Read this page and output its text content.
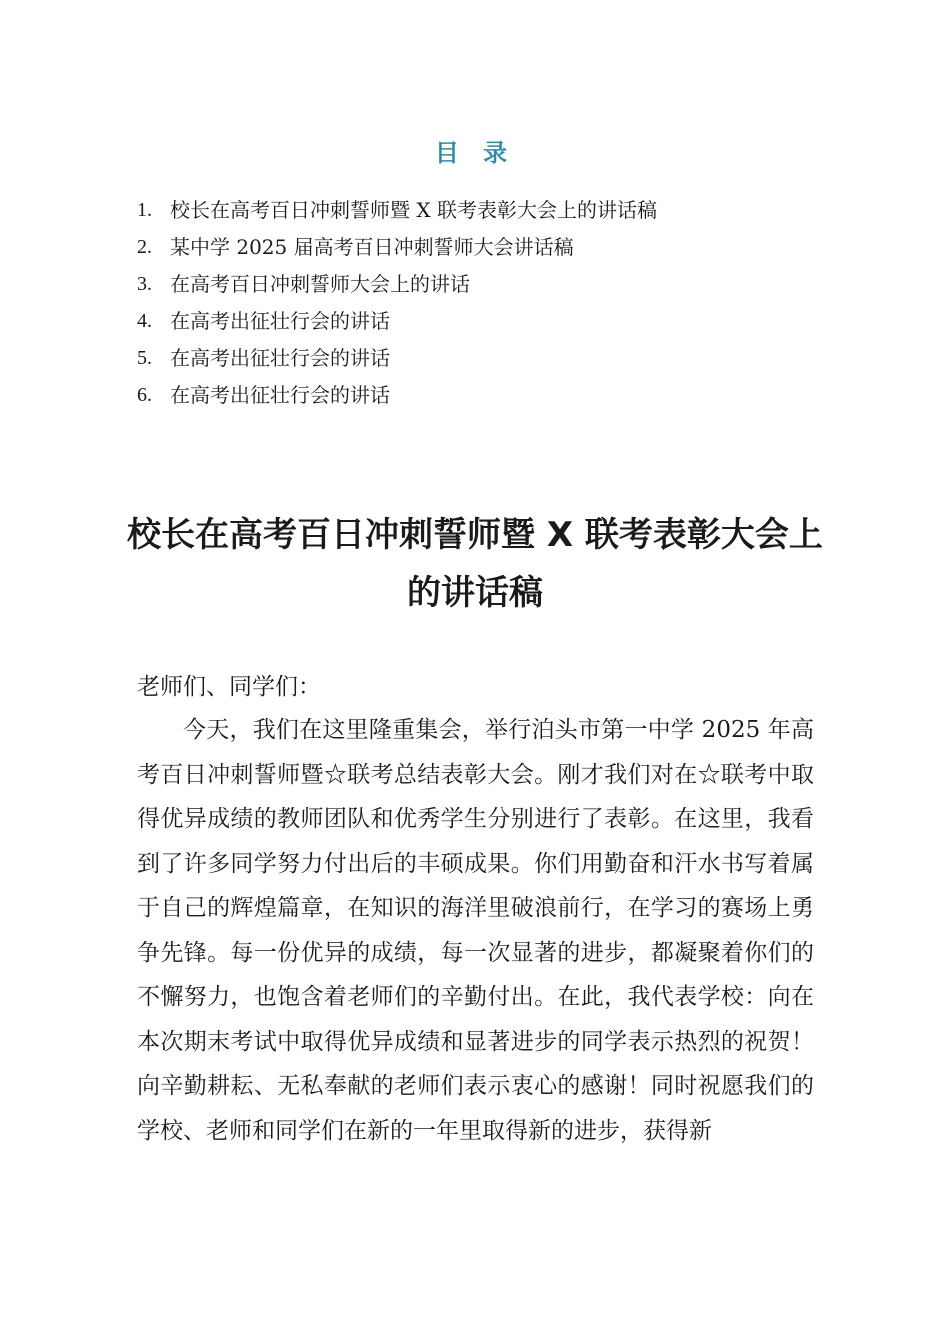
目 录
1. 校长在高考百日冲刺誓师暨 X 联考表彰大会上的讲话稿
2. 某中学 2025 届高考百日冲刺誓师大会讲话稿
3. 在高考百日冲刺誓师大会上的讲话
4. 在高考出征壮行会的讲话
5. 在高考出征壮行会的讲话
6. 在高考出征壮行会的讲话
校长在高考百日冲刺誓师暨 X 联考表彰大会上的讲话稿
老师们、同学们：

今天，我们在这里隆重集会，举行泊头市第一中学 2025 年高考百日冲刺誓师暨☆联考总结表彰大会。刚才我们对在☆联考中取得优异成绩的教师团队和优秀学生分别进行了表彰。在这里，我看到了许多同学努力付出后的丰硕成果。你们用勤奋和汗水书写着属于自己的辉煌篇章，在知识的海洋里破浪前行，在学习的赛场上勇争先锋。每一份优异的成绩，每一次显著的进步，都凝聚着你们的不懈努力，也饱含着老师们的辛勤付出。在此，我代表学校：向在本次期末考试中取得优异成绩和显著进步的同学表示热烈的祝贺！向辛勤耕耘、无私奉献的老师们表示衷心的感谢！同时祝愿我们的学校、老师和同学们在新的一年里取得新的进步，获得新
